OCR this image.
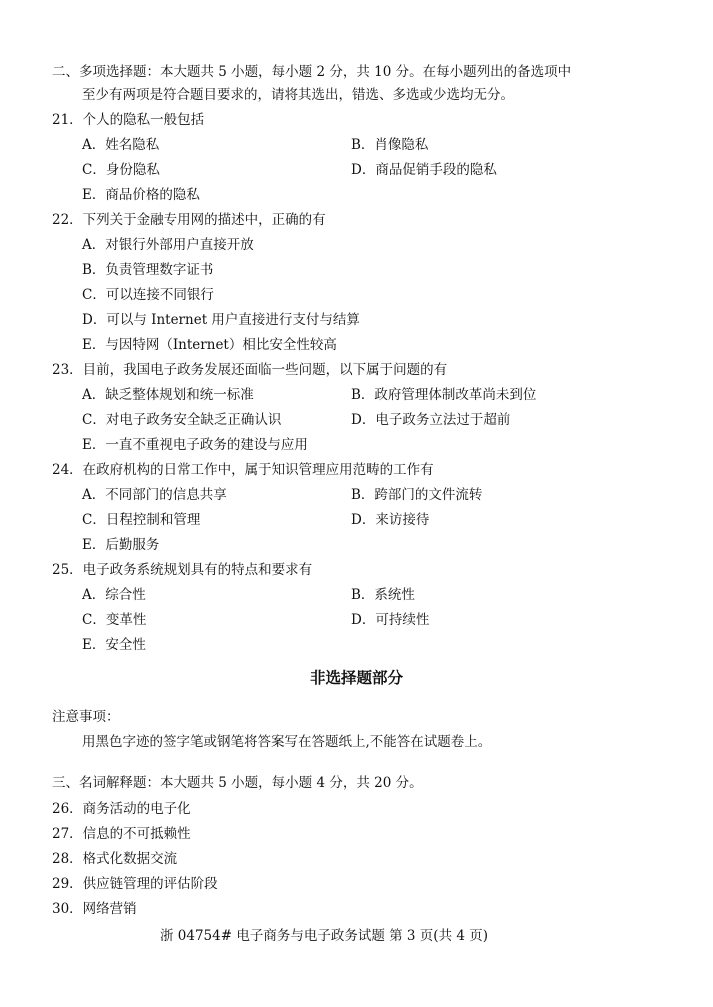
二、多项选择题：本大题共 5 小题，每小题 2 分，共 10 分。在每小题列出的备选项中
至少有两项是符合题目要求的，请将其选出，错选、多选或少选均无分。
21．个人的隐私一般包括
A．姓名隐私	B．肖像隐私
C．身份隐私	D．商品促销手段的隐私
E．商品价格的隐私
22．下列关于金融专用网的描述中，正确的有
A．对银行外部用户直接开放
B．负责管理数字证书
C．可以连接不同银行
D．可以与 Internet 用户直接进行支付与结算
E．与因特网（Internet）相比安全性较高
23．目前，我国电子政务发展还面临一些问题，以下属于问题的有
A．缺乏整体规划和统一标准	B．政府管理体制改革尚未到位
C．对电子政务安全缺乏正确认识	D．电子政务立法过于超前
E．一直不重视电子政务的建设与应用
24．在政府机构的日常工作中，属于知识管理应用范畴的工作有
A．不同部门的信息共享	B．跨部门的文件流转
C．日程控制和管理	D．来访接待
E．后勤服务
25．电子政务系统规划具有的特点和要求有
A．综合性	B．系统性
C．变革性	D．可持续性
E．安全性
非选择题部分
注意事项：
用黑色字迹的签字笔或钢笔将答案写在答题纸上,不能答在试题卷上。
三、名词解释题：本大题共 5 小题，每小题 4 分，共 20 分。
26．商务活动的电子化
27．信息的不可抵赖性
28．格式化数据交流
29．供应链管理的评估阶段
30．网络营销
浙 04754# 电子商务与电子政务试题 第 3 页(共 4 页)
